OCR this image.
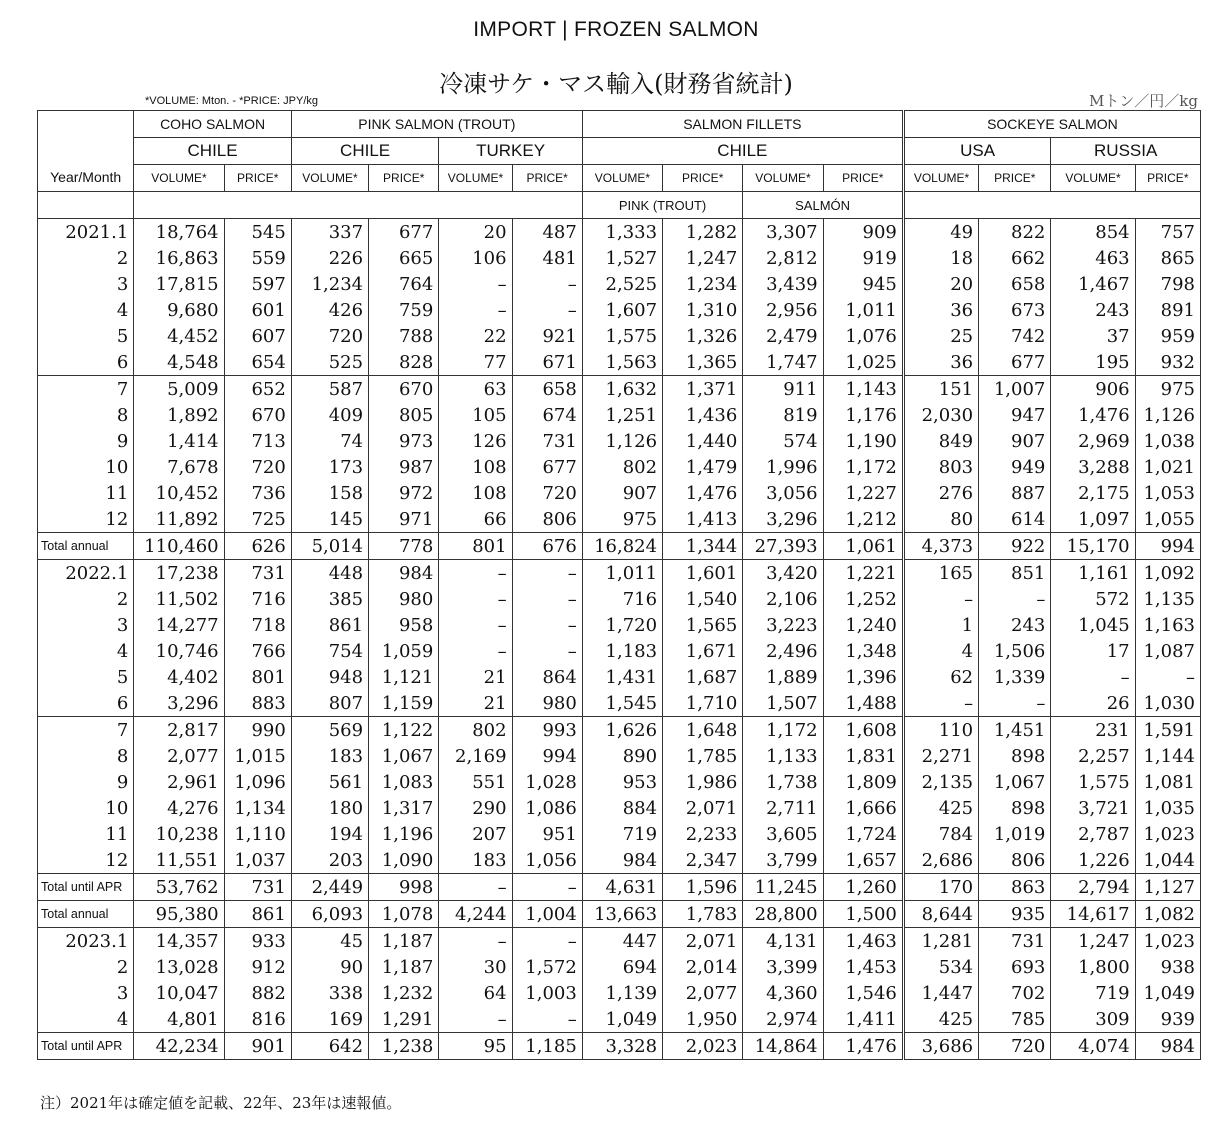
IMPORT | FROZEN SALMON
冷凍サケ・マス輸入(財務省統計)
*VOLUME: Mton. - *PRICE: JPY/kg	Mトン／円／kg
Year/Month	COHO SALMON		PINK SALMON (TROUT)				SALMON FILLETS				SOCKEYE SALMON			
	CHILE		CHILE		TURKEY		CHILE				USA		RUSSIA	
	VOLUME*	PRICE*	VOLUME*	PRICE*	VOLUME*	PRICE*	VOLUME*	PRICE*	VOLUME*	PRICE*	VOLUME*	PRICE*	VOLUME*	PRICE*
							PINK (TROUT)		SALMÓN					
2021.1	18,764	545	337	677	20	487	1,333	1,282	3,307	909	49	822	854	757
2	16,863	559	226	665	106	481	1,527	1,247	2,812	919	18	662	463	865
3	17,815	597	1,234	764	–	–	2,525	1,234	3,439	945	20	658	1,467	798
4	9,680	601	426	759	–	–	1,607	1,310	2,956	1,011	36	673	243	891
5	4,452	607	720	788	22	921	1,575	1,326	2,479	1,076	25	742	37	959
6	4,548	654	525	828	77	671	1,563	1,365	1,747	1,025	36	677	195	932
7	5,009	652	587	670	63	658	1,632	1,371	911	1,143	151	1,007	906	975
8	1,892	670	409	805	105	674	1,251	1,436	819	1,176	2,030	947	1,476	1,126
9	1,414	713	74	973	126	731	1,126	1,440	574	1,190	849	907	2,969	1,038
10	7,678	720	173	987	108	677	802	1,479	1,996	1,172	803	949	3,288	1,021
11	10,452	736	158	972	108	720	907	1,476	3,056	1,227	276	887	2,175	1,053
12	11,892	725	145	971	66	806	975	1,413	3,296	1,212	80	614	1,097	1,055
Total annual	110,460	626	5,014	778	801	676	16,824	1,344	27,393	1,061	4,373	922	15,170	994
2022.1	17,238	731	448	984	–	–	1,011	1,601	3,420	1,221	165	851	1,161	1,092
2	11,502	716	385	980	–	–	716	1,540	2,106	1,252	–	–	572	1,135
3	14,277	718	861	958	–	–	1,720	1,565	3,223	1,240	1	243	1,045	1,163
4	10,746	766	754	1,059	–	–	1,183	1,671	2,496	1,348	4	1,506	17	1,087
5	4,402	801	948	1,121	21	864	1,431	1,687	1,889	1,396	62	1,339	–	–
6	3,296	883	807	1,159	21	980	1,545	1,710	1,507	1,488	–	–	26	1,030
7	2,817	990	569	1,122	802	993	1,626	1,648	1,172	1,608	110	1,451	231	1,591
8	2,077	1,015	183	1,067	2,169	994	890	1,785	1,133	1,831	2,271	898	2,257	1,144
9	2,961	1,096	561	1,083	551	1,028	953	1,986	1,738	1,809	2,135	1,067	1,575	1,081
10	4,276	1,134	180	1,317	290	1,086	884	2,071	2,711	1,666	425	898	3,721	1,035
11	10,238	1,110	194	1,196	207	951	719	2,233	3,605	1,724	784	1,019	2,787	1,023
12	11,551	1,037	203	1,090	183	1,056	984	2,347	3,799	1,657	2,686	806	1,226	1,044
Total until APR	53,762	731	2,449	998	–	–	4,631	1,596	11,245	1,260	170	863	2,794	1,127
Total annual	95,380	861	6,093	1,078	4,244	1,004	13,663	1,783	28,800	1,500	8,644	935	14,617	1,082
2023.1	14,357	933	45	1,187	–	–	447	2,071	4,131	1,463	1,281	731	1,247	1,023
2	13,028	912	90	1,187	30	1,572	694	2,014	3,399	1,453	534	693	1,800	938
3	10,047	882	338	1,232	64	1,003	1,139	2,077	4,360	1,546	1,447	702	719	1,049
4	4,801	816	169	1,291	–	–	1,049	1,950	2,974	1,411	425	785	309	939
Total until APR	42,234	901	642	1,238	95	1,185	3,328	2,023	14,864	1,476	3,686	720	4,074	984
注）2021年は確定値を記載、22年、23年は速報値。
